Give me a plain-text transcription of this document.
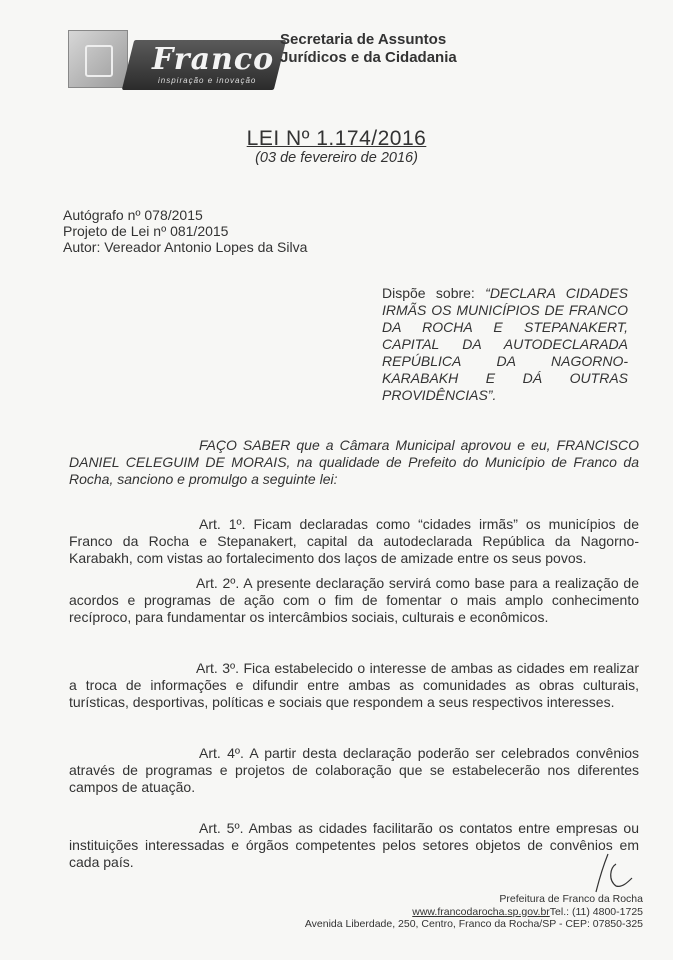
Franco
inspiração e inovação
Secretaria de Assuntos
Jurídicos e da Cidadania
LEI Nº 1.174/2016
(03 de fevereiro de 2016)
Autógrafo nº 078/2015
Projeto de Lei nº 081/2015
Autor: Vereador Antonio Lopes da Silva
Dispõe sobre: “DECLARA CIDADES IRMÃS OS MUNICÍPIOS DE FRANCO DA ROCHA E STEPANAKERT, CAPITAL DA AUTODECLARADA REPÚBLICA DA NAGORNO-KARABAKH E DÁ OUTRAS PROVIDÊNCIAS”.
FAÇO SABER que a Câmara Municipal aprovou e eu, FRANCISCO DANIEL CELEGUIM DE MORAIS, na qualidade de Prefeito do Município de Franco da Rocha, sanciono e promulgo a seguinte lei:
Art. 1º. Ficam declaradas como “cidades irmãs” os municípios de Franco da Rocha e Stepanakert, capital da autodeclarada República da Nagorno-Karabakh, com vistas ao fortalecimento dos laços de amizade entre os seus povos.
Art. 2º. A presente declaração servirá como base para a realização de acordos e programas de ação com o fim de fomentar o mais amplo conhecimento recíproco, para fundamentar os intercâmbios sociais, culturais e econômicos.
Art. 3º. Fica estabelecido o interesse de ambas as cidades em realizar a troca de informações e difundir entre ambas as comunidades as obras culturais, turísticas, desportivas, políticas e sociais que respondem a seus respectivos interesses.
Art. 4º. A partir desta declaração poderão ser celebrados convênios através de programas e projetos de colaboração que se estabelecerão nos diferentes campos de atuação.
Art. 5º. Ambas as cidades facilitarão os contatos entre empresas ou instituições interessadas e órgãos competentes pelos setores objetos de convênios em cada país.
Prefeitura de Franco da Rocha
www.francodarocha.sp.gov.brTel.: (11) 4800-1725
Avenida Liberdade, 250, Centro, Franco da Rocha/SP - CEP: 07850-325
